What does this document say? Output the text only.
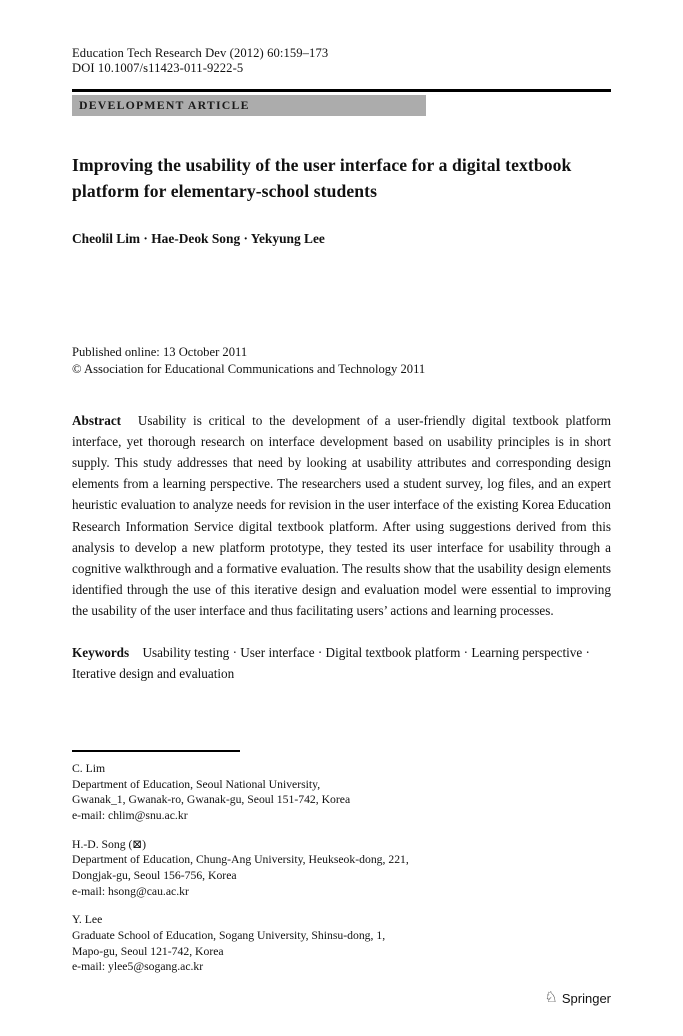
Education Tech Research Dev (2012) 60:159–173
DOI 10.1007/s11423-011-9222-5
DEVELOPMENT ARTICLE
Improving the usability of the user interface for a digital textbook platform for elementary-school students
Cheolil Lim · Hae-Deok Song · Yekyung Lee
Published online: 13 October 2011
© Association for Educational Communications and Technology 2011

Abstract Usability is critical to the development of a user-friendly digital textbook platform interface, yet thorough research on interface development based on usability principles is in short supply. This study addresses that need by looking at usability attributes and corresponding design elements from a learning perspective. The researchers used a student survey, log files, and an expert heuristic evaluation to analyze needs for revision in the user interface of the existing Korea Education Research Information Service digital textbook platform. After using suggestions derived from this analysis to develop a new platform prototype, they tested its user interface for usability through a cognitive walkthrough and a formative evaluation. The results show that the usability design elements identified through the use of this iterative design and evaluation model were essential to improving the usability of the user interface and thus facilitating users’ actions and learning processes.

Keywords Usability testing · User interface · Digital textbook platform · Learning perspective · Iterative design and evaluation

C. Lim
Department of Education, Seoul National University,
Gwanak_1, Gwanak-ro, Gwanak-gu, Seoul 151-742, Korea
e-mail: chlim@snu.ac.kr
H.-D. Song (⊠)
Department of Education, Chung-Ang University, Heukseok-dong, 221,
Dongjak-gu, Seoul 156-756, Korea
e-mail: hsong@cau.ac.kr
Y. Lee
Graduate School of Education, Sogang University, Shinsu-dong, 1,
Mapo-gu, Seoul 121-742, Korea
e-mail: ylee5@sogang.ac.kr
♘ Springer
